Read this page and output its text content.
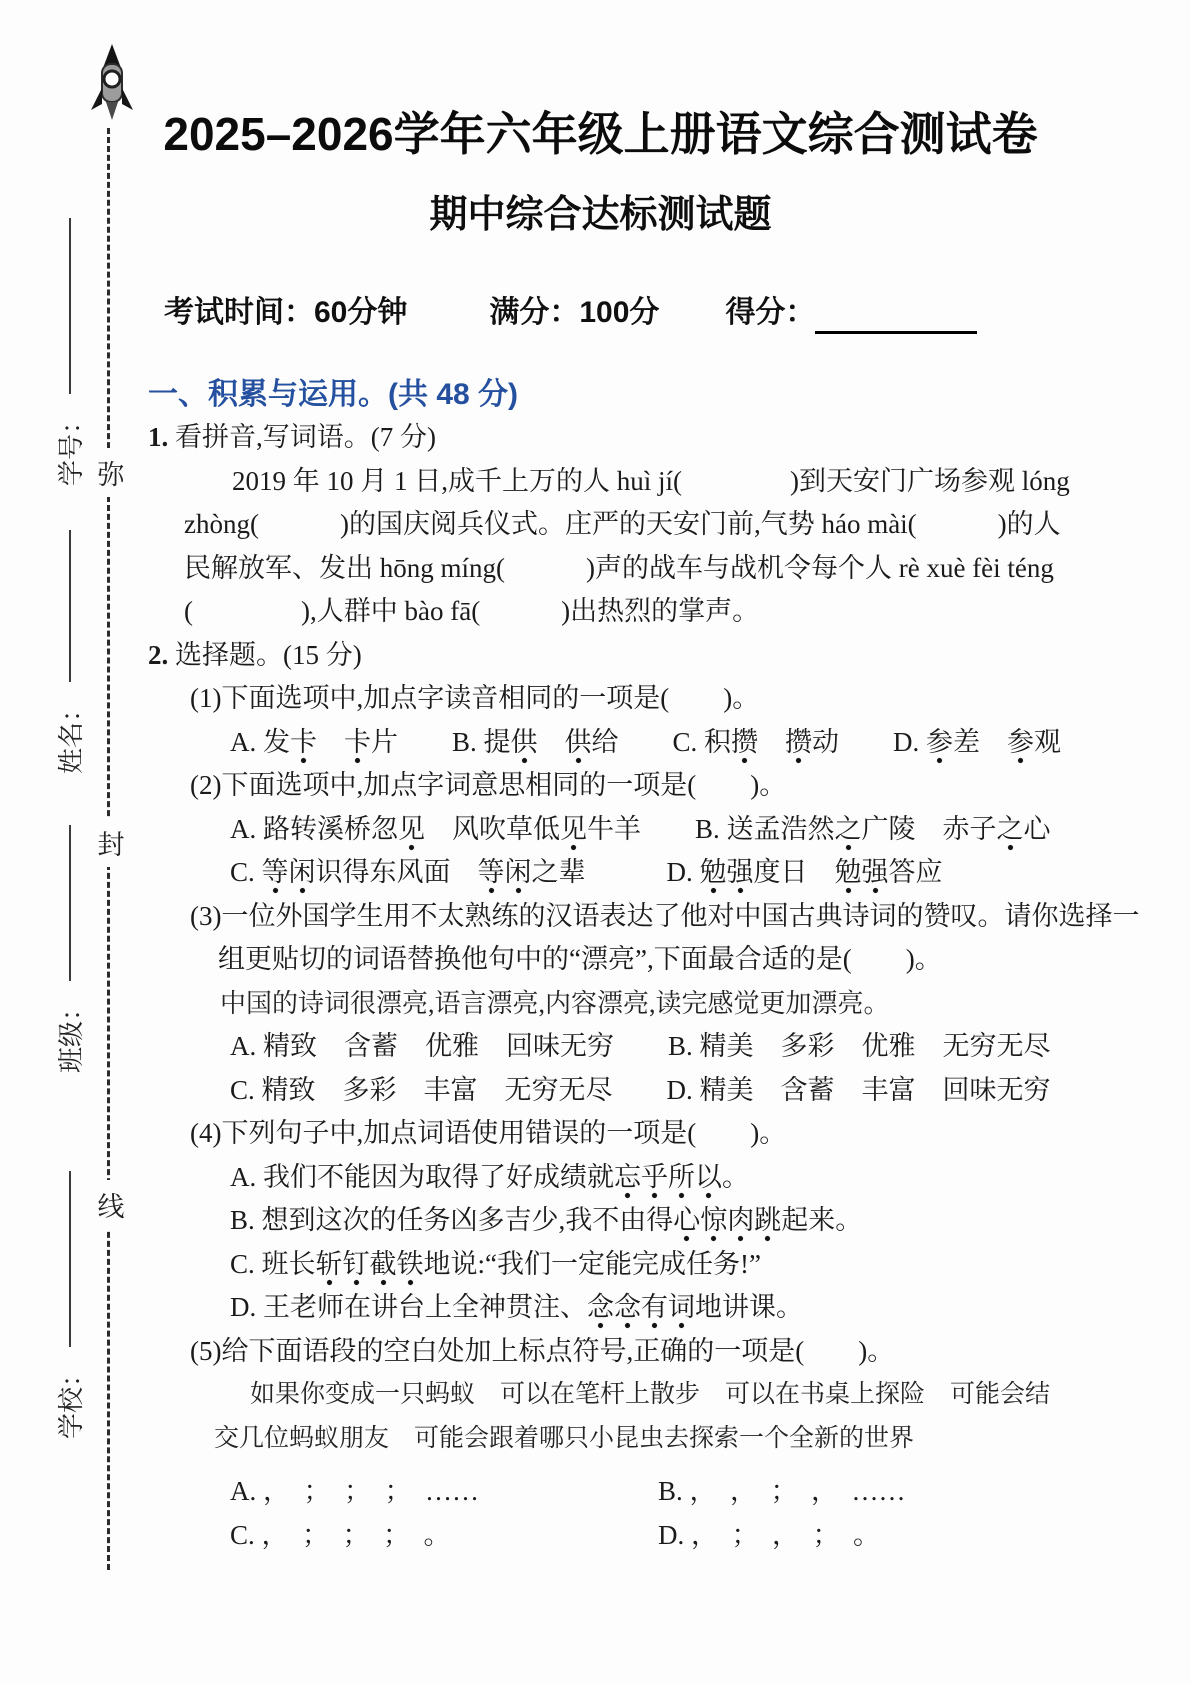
弥
封
线
学号：
姓名：
班级：
学校：
2025–2026学年六年级上册语文综合测试卷
期中综合达标测试题
考试时间：60分钟	满分：100分 得分：
一、积累与运用。(共 48 分)
1. 看拼音,写词语。(7 分)
2019 年 10 月 1 日,成千上万的人 huì jí(　　　　)到天安门广场参观 lóng
zhòng(　　　)的国庆阅兵仪式。庄严的天安门前,气势 háo mài(　　　)的人
民解放军、发出 hōng míng(　　　)声的战车与战机令每个人 rè xuè fèi téng
(　　　　),人群中 bào fā(　　　)出热烈的掌声。
2. 选择题。(15 分)
(1)下面选项中,加点字读音相同的一项是(　　)。
A. 发卡　 卡片　　B. 提供　 供给　　C. 积攒　 攒动　　D. 参差　参观
(2)下面选项中,加点字词意思相同的一项是(　　)。
A. 路转溪桥忽见　风吹草低见牛羊　　B. 送孟浩然之广陵　赤子之心
C. 等闲识得东风面　等闲之辈　　　D. 勉强度日　勉强答应
(3)一位外国学生用不太熟练的汉语表达了他对中国古典诗词的赞叹。请你选择一
组更贴切的词语替换他句中的“漂亮”,下面最合适的是(　　)。
中国的诗词很漂亮,语言漂亮,内容漂亮,读完感觉更加漂亮。
A. 精致　含蓄　优雅　回味无穷　　B. 精美　多彩　优雅　无穷无尽
C. 精致　多彩　丰富　无穷无尽　　D. 精美　含蓄　丰富　回味无穷
(4)下列句子中,加点词语使用错误的一项是(　　)。
A. 我们不能因为取得了好成绩就忘乎所以。
B. 想到这次的任务凶多吉少,我不由得心惊肉跳起来。
C. 班长斩钉截铁地说:“我们一定能完成任务!”
D. 王老师在讲台上全神贯注、念念有词地讲课。
(5)给下面语段的空白处加上标点符号,正确的一项是(　　)。
如果你变成一只蚂蚁　可以在笔杆上散步　可以在书桌上探险　可能会结
交几位蚂蚁朋友　可能会跟着哪只小昆虫去探索一个全新的世界
A. ，　；　；　；　……	B. ，　，　；　，　……
C. ，　；　；　；　。	D. ，　；　，　；　。
